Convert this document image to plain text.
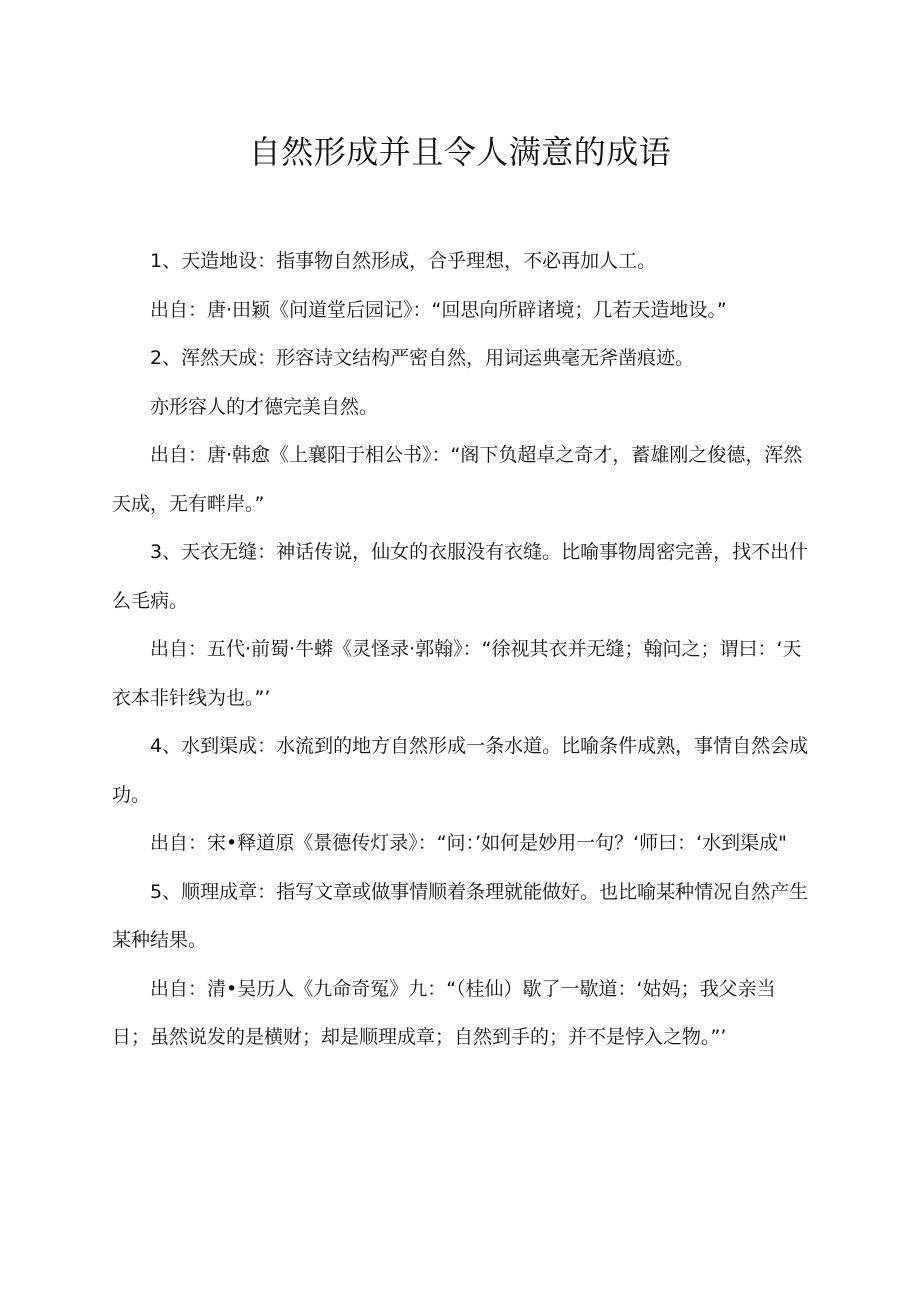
自然形成并且令人满意的成语

1、天造地设：指事物自然形成，合乎理想，不必再加人工。

出自：唐·田颖《问道堂后园记》：“回思向所辟诸境；几若天造地设。”

2、浑然天成：形容诗文结构严密自然，用词运典毫无斧凿痕迹。

亦形容人的才德完美自然。

出自：唐·韩愈《上襄阳于相公书》：“阁下负超卓之奇才，蓄雄刚之俊德，浑然天成，无有畔岸。”

3、天衣无缝：神话传说，仙女的衣服没有衣缝。比喻事物周密完善，找不出什么毛病。

出自：五代·前蜀·牛蟒《灵怪录·郭翰》：“徐视其衣并无缝；翰问之；谓曰：‘天衣本非针线为也。”’

4、水到渠成：水流到的地方自然形成一条水道。比喻条件成熟，事情自然会成功。

出自：宋•释道原《景德传灯录》：“问：’如何是妙用一句？‘师曰：‘水到渠成"

5、顺理成章：指写文章或做事情顺着条理就能做好。也比喻某种情况自然产生某种结果。

出自：清•吴历人《九命奇冤》九：“（桂仙）歇了一歇道：‘姑妈；我父亲当日；虽然说发的是横财；却是顺理成章；自然到手的；并不是悖入之物。”’
